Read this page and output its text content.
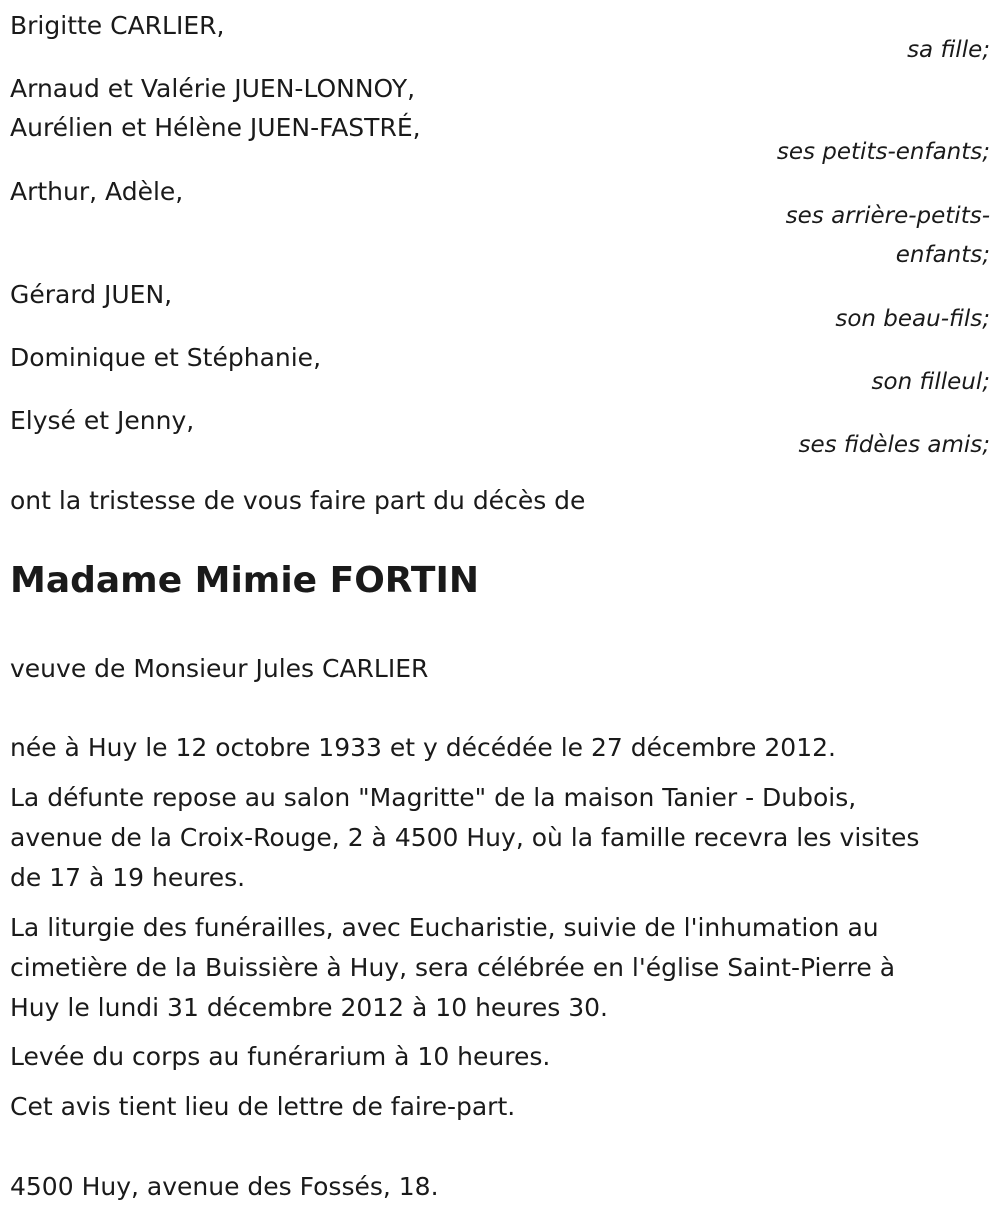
Brigitte CARLIER,
sa fille;
Arnaud et Valérie JUEN-LONNOY,
Aurélien et Hélène JUEN-FASTRÉ,
ses petits-enfants;
Arthur, Adèle,
ses arrière-petits-
enfants;
Gérard JUEN,
son beau-fils;
Dominique et Stéphanie,
son filleul;
Elysé et Jenny,
ses fidèles amis;
ont la tristesse de vous faire part du décès de
Madame Mimie FORTIN
veuve de Monsieur Jules CARLIER
née à Huy le 12 octobre 1933 et y décédée le 27 décembre 2012.
La défunte repose au salon "Magritte" de la maison Tanier - Dubois,
avenue de la Croix-Rouge, 2 à 4500 Huy, où la famille recevra les visites
de 17 à 19 heures.
La liturgie des funérailles, avec Eucharistie, suivie de l'inhumation au
cimetière de la Buissière à Huy, sera célébrée en l'église Saint-Pierre à
Huy le lundi 31 décembre 2012 à 10 heures 30.
Levée du corps au funérarium à 10 heures.
Cet avis tient lieu de lettre de faire-part.
4500 Huy, avenue des Fossés, 18.
